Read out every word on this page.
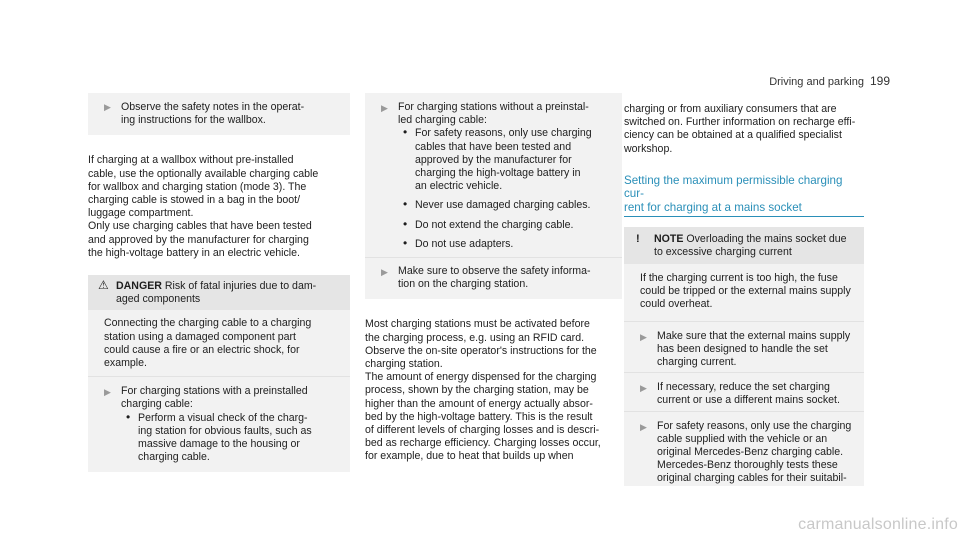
Driving and parking 199
▶ Observe the safety notes in the operat-
ing instructions for the wallbox.
If charging at a wallbox without pre-installed
cable, use the optionally available charging cable
for wallbox and charging station (mode 3). The
charging cable is stowed in a bag in the boot/
luggage compartment.
Only use charging cables that have been tested
and approved by the manufacturer for charging
the high-voltage battery in an electric vehicle.
⚠ DANGER Risk of fatal injuries due to dam-
aged components
Connecting the charging cable to a charging
station using a damaged component part
could cause a fire or an electric shock, for
example.
▶ For charging stations with a preinstalled
charging cable:
• Perform a visual check of the charg-
ing station for obvious faults, such as
massive damage to the housing or
charging cable.
▶ For charging stations without a preinstal-
led charging cable:
• For safety reasons, only use charging
cables that have been tested and
approved by the manufacturer for
charging the high-voltage battery in
an electric vehicle.
• Never use damaged charging cables.
• Do not extend the charging cable.
• Do not use adapters.
▶ Make sure to observe the safety informa-
tion on the charging station.
Most charging stations must be activated before
the charging process, e.g. using an RFID card.
Observe the on-site operator's instructions for the
charging station.
The amount of energy dispensed for the charging
process, shown by the charging station, may be
higher than the amount of energy actually absor-
bed by the high-voltage battery. This is the result
of different levels of charging losses and is descri-
bed as recharge efficiency. Charging losses occur,
for example, due to heat that builds up when
charging or from auxiliary consumers that are
switched on. Further information on recharge effi-
ciency can be obtained at a qualified specialist
workshop.
Setting the maximum permissible charging cur-
rent for charging at a mains socket
! NOTE Overloading the mains socket due
to excessive charging current
If the charging current is too high, the fuse
could be tripped or the external mains supply
could overheat.
▶ Make sure that the external mains supply
has been designed to handle the set
charging current.
▶ If necessary, reduce the set charging
current or use a different mains socket.
▶ For safety reasons, only use the charging
cable supplied with the vehicle or an
original Mercedes-Benz charging cable.
Mercedes-Benz thoroughly tests these
original charging cables for their suitabil-
carmanualsonline.info
